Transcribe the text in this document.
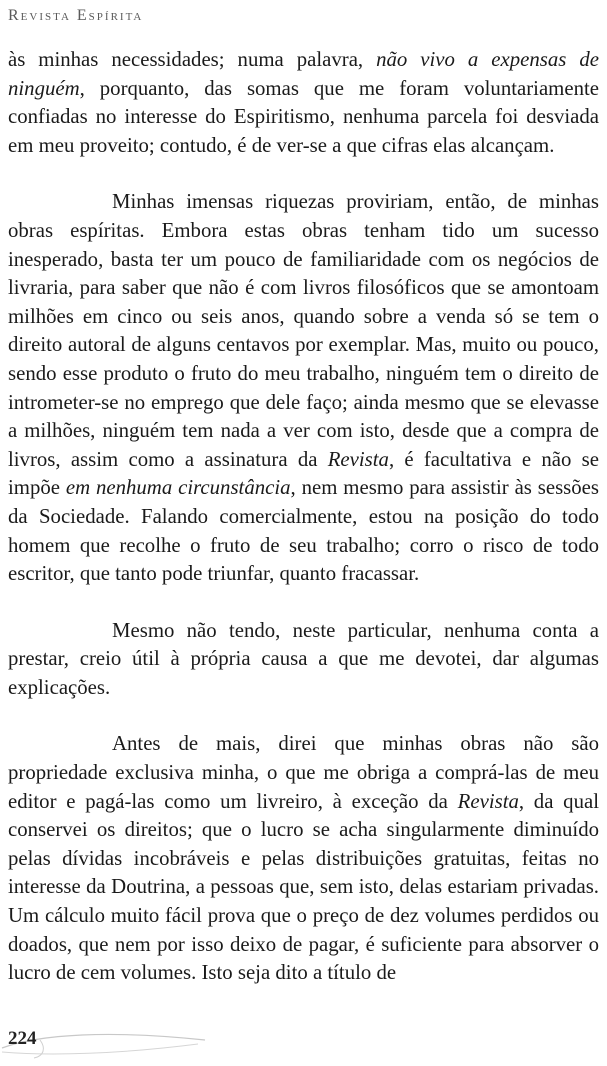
Revista Espírita

às minhas necessidades; numa palavra, não vivo a expensas de ninguém, porquanto, das somas que me foram voluntariamente confiadas no interesse do Espiritismo, nenhuma parcela foi desviada em meu proveito; contudo, é de ver-se a que cifras elas alcançam.

Minhas imensas riquezas proviriam, então, de minhas obras espíritas. Embora estas obras tenham tido um sucesso inesperado, basta ter um pouco de familiaridade com os negócios de livraria, para saber que não é com livros filosóficos que se amontoam milhões em cinco ou seis anos, quando sobre a venda só se tem o direito autoral de alguns centavos por exemplar. Mas, muito ou pouco, sendo esse produto o fruto do meu trabalho, ninguém tem o direito de intrometer-se no emprego que dele faço; ainda mesmo que se elevasse a milhões, ninguém tem nada a ver com isto, desde que a compra de livros, assim como a assinatura da Revista, é facultativa e não se impõe em nenhuma circunstância, nem mesmo para assistir às sessões da Sociedade. Falando comercialmente, estou na posição do todo homem que recolhe o fruto de seu trabalho; corro o risco de todo escritor, que tanto pode triunfar, quanto fracassar.

Mesmo não tendo, neste particular, nenhuma conta a prestar, creio útil à própria causa a que me devotei, dar algumas explicações.

Antes de mais, direi que minhas obras não são propriedade exclusiva minha, o que me obriga a comprá-las de meu editor e pagá-las como um livreiro, à exceção da Revista, da qual conservei os direitos; que o lucro se acha singularmente diminuído pelas dívidas incobráveis e pelas distribuições gratuitas, feitas no interesse da Doutrina, a pessoas que, sem isto, delas estariam privadas. Um cálculo muito fácil prova que o preço de dez volumes perdidos ou doados, que nem por isso deixo de pagar, é suficiente para absorver o lucro de cem volumes. Isto seja dito a título de

224
